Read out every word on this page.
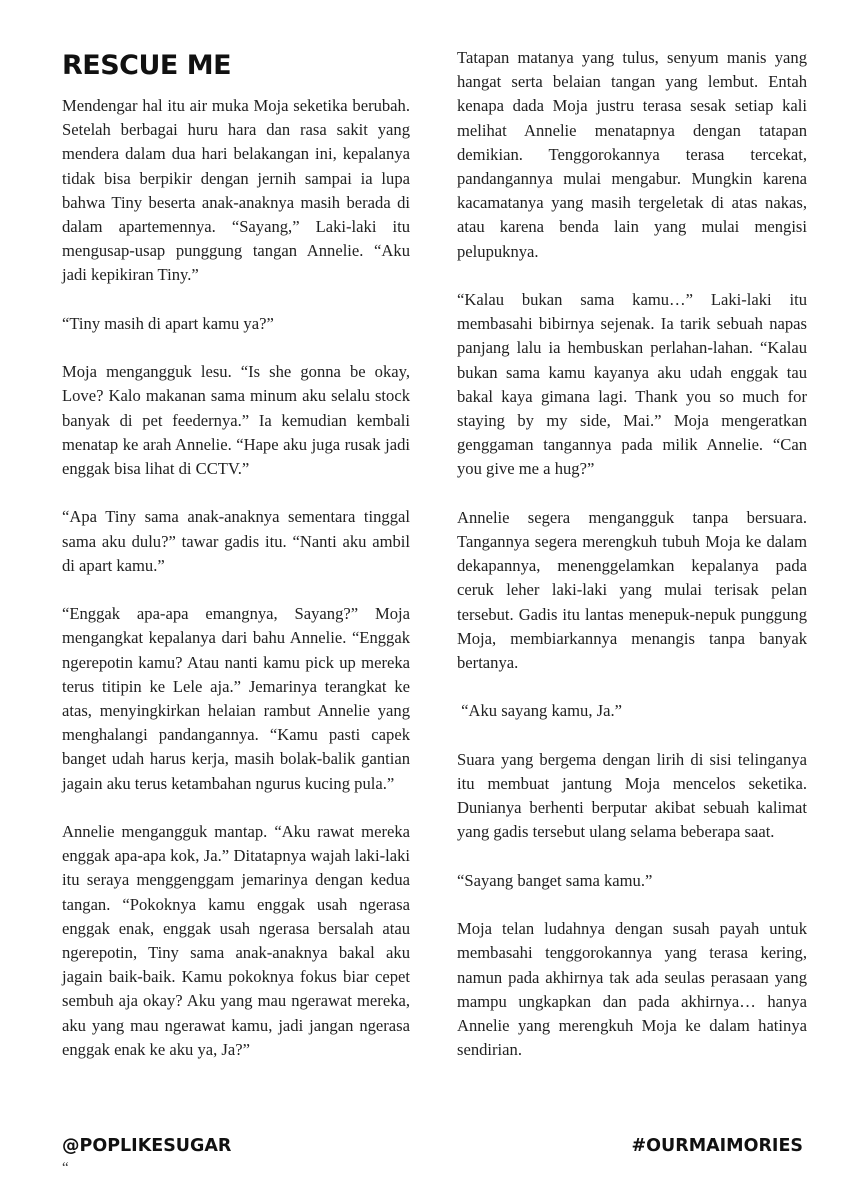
RESCUE ME

Mendengar hal itu air muka Moja seketika berubah. Setelah berbagai huru hara dan rasa sakit yang mendera dalam dua hari belakangan ini, kepalanya tidak bisa berpikir dengan jernih sampai ia lupa bahwa Tiny beserta anak-anaknya masih berada di dalam apartemennya. “Sayang,” Laki-laki itu mengusap-usap punggung tangan Annelie. “Aku jadi kepikiran Tiny.”

“Tiny masih di apart kamu ya?”

Moja mengangguk lesu. “Is she gonna be okay, Love? Kalo makanan sama minum aku selalu stock banyak di pet feedernya.” Ia kemudian kembali menatap ke arah Annelie. “Hape aku juga rusak jadi enggak bisa lihat di CCTV.”

“Apa Tiny sama anak-anaknya sementara tinggal sama aku dulu?” tawar gadis itu. “Nanti aku ambil di apart kamu.”

“Enggak apa-apa emangnya, Sayang?” Moja mengangkat kepalanya dari bahu Annelie. “Enggak ngerepotin kamu? Atau nanti kamu pick up mereka terus titipin ke Lele aja.” Jemarinya terangkat ke atas, menyingkirkan helaian rambut Annelie yang menghalangi pandangannya. “Kamu pasti capek banget udah harus kerja, masih bolak-balik gantian jagain aku terus ketambahan ngurus kucing pula.”

Annelie mengangguk mantap. “Aku rawat mereka enggak apa-apa kok, Ja.” Ditatapnya wajah laki-laki itu seraya menggenggam jemarinya dengan kedua tangan. “Pokoknya kamu enggak usah ngerasa enggak enak, enggak usah ngerasa bersalah atau ngerepotin, Tiny sama anak-anaknya bakal aku jagain baik-baik. Kamu pokoknya fokus biar cepet sembuh aja okay? Aku yang mau ngerawat mereka, aku yang mau ngerawat kamu, jadi jangan ngerasa enggak enak ke aku ya, Ja?”

Tatapan matanya yang tulus, senyum manis yang hangat serta belaian tangan yang lembut. Entah kenapa dada Moja justru terasa sesak setiap kali melihat Annelie menatapnya dengan tatapan demikian. Tenggorokannya terasa tercekat, pandangannya mulai mengabur. Mungkin karena kacamatanya yang masih tergeletak di atas nakas, atau karena benda lain yang mulai mengisi pelupuknya.

“Kalau bukan sama kamu…” Laki-laki itu membasahi bibirnya sejenak. Ia tarik sebuah napas panjang lalu ia hembuskan perlahan-lahan. “Kalau bukan sama kamu kayanya aku udah enggak tau bakal kaya gimana lagi. Thank you so much for staying by my side, Mai.” Moja mengeratkan genggaman tangannya pada milik Annelie. “Can you give me a hug?”

Annelie segera mengangguk tanpa bersuara. Tangannya segera merengkuh tubuh Moja ke dalam dekapannya, menenggelamkan kepalanya pada ceruk leher laki-laki yang mulai terisak pelan tersebut. Gadis itu lantas menepuk-nepuk punggung Moja, membiarkannya menangis tanpa banyak bertanya.

“Aku sayang kamu, Ja.”

Suara yang bergema dengan lirih di sisi telinganya itu membuat jantung Moja mencelos seketika. Dunianya berhenti berputar akibat sebuah kalimat yang gadis tersebut ulang selama beberapa saat.

“Sayang banget sama kamu.”

Moja telan ludahnya dengan susah payah untuk membasahi tenggorokannya yang terasa kering, namun pada akhirnya tak ada seulas perasaan yang mampu ungkapkan dan pada akhirnya… hanya Annelie yang merengkuh Moja ke dalam hatinya sendirian.

@POPLIKESUGAR	#OURMAIMORIES
“
